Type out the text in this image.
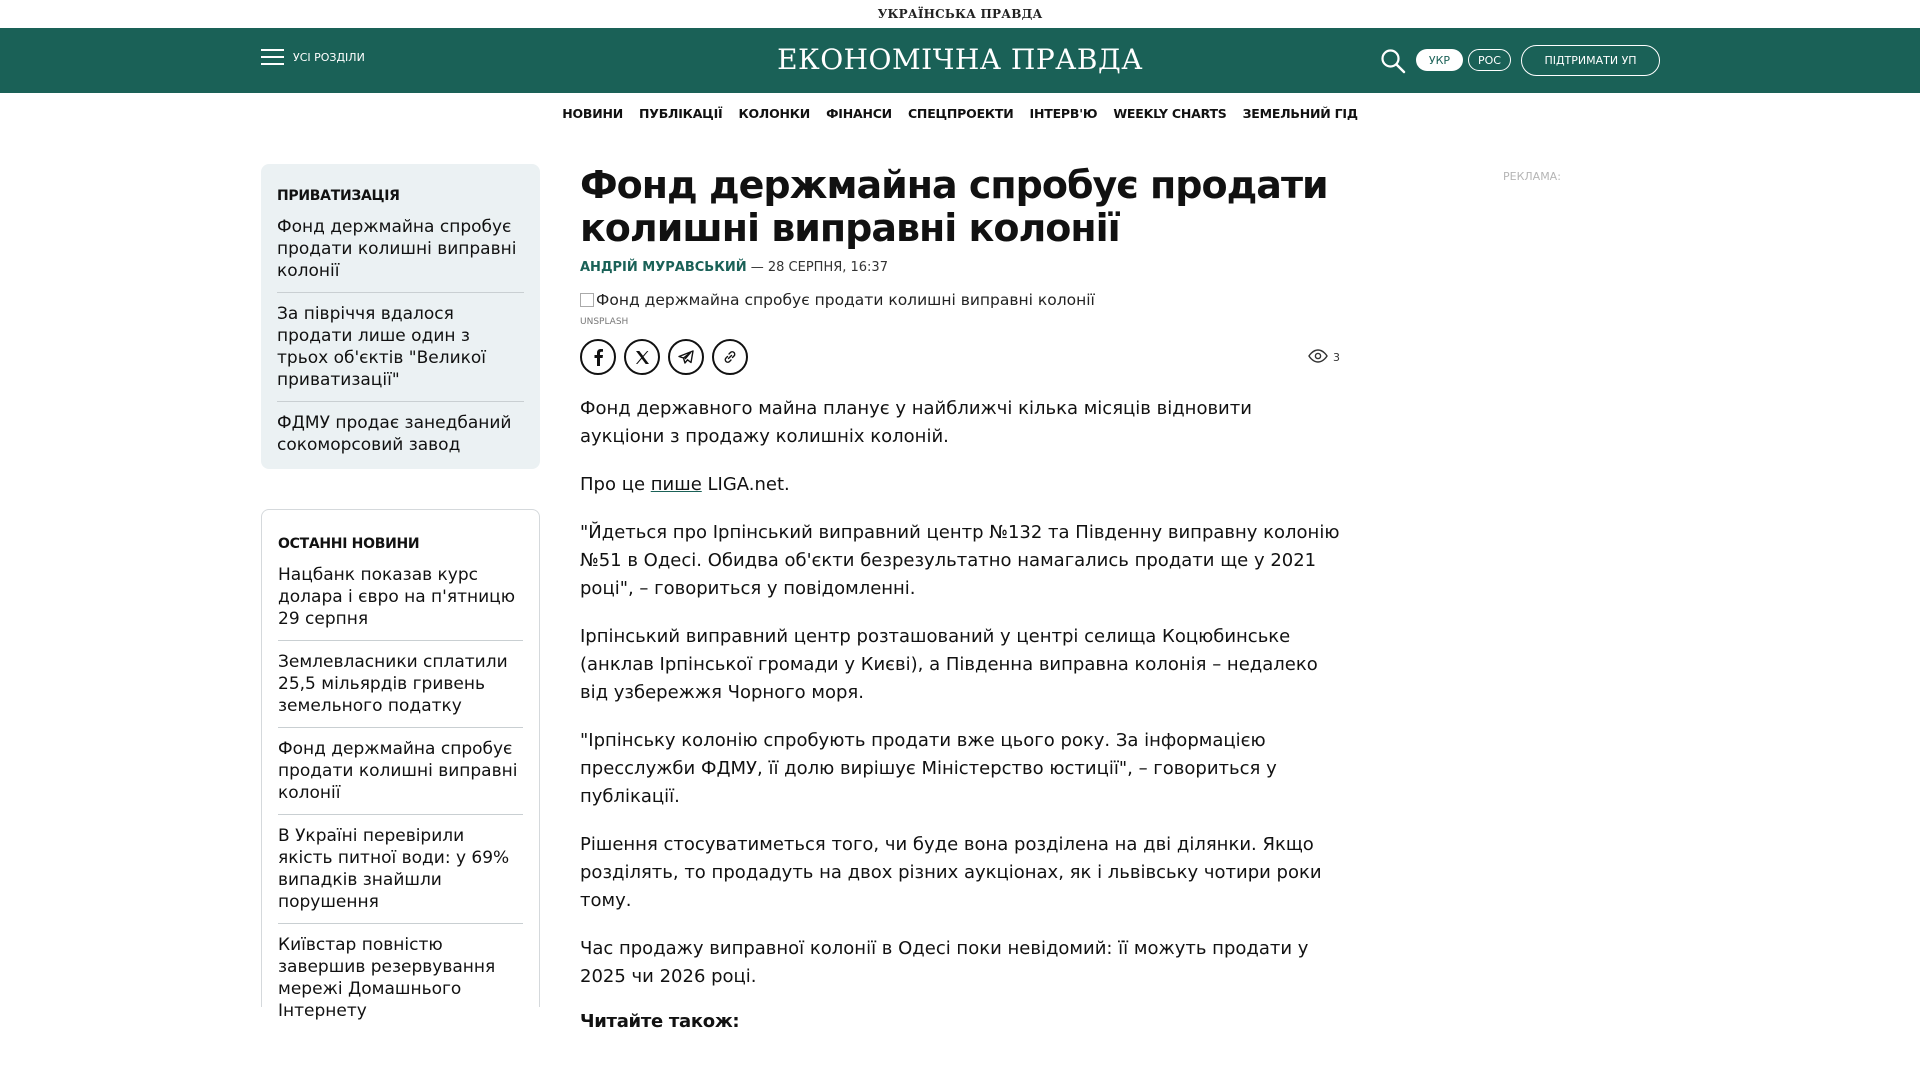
УКРАЇНСЬКА ПРАВДА
УСІ РОЗДІЛИ	ЕКОНОМІЧНА ПРАВДА	УКР	РОС	ПІДТРИМАТИ УП
НОВИНИ ПУБЛІКАЦІЇ КОЛОНКИ ФІНАНСИ СПЕЦПРОЕКТИ ІНТЕРВ'Ю WEEKLY CHARTS ЗЕМЕЛЬНИЙ ГІД
ПРИВАТИЗАЦІЯ
Фонд держмайна спробує продати колишні виправні колонії
За півріччя вдалося продати лише один з трьох об'єктів "Великої приватизації"
ФДМУ продає занедбаний сокоморсовий завод
ОСТАННІ НОВИНИ
Нацбанк показав курс долара і євро на п'ятницю 29 серпня
Землевласники сплатили 25,5 мільярдів гривень земельного податку
Фонд держмайна спробує продати колишні виправні колонії
В Україні перевірили якість питної води: у 69% випадків знайшли порушення
Київстар повністю завершив резервування мережі Домашнього Інтернету
Фонд держмайна спробує продати колишні виправні колонії
АНДРІЙ МУРАВСЬКИЙ — 28 СЕРПНЯ, 16:37
Фонд держмайна спробує продати колишні виправні колонії
UNSPLASH
3

Фонд державного майна планує у найближчі кілька місяців відновити аукціони з продажу колишніх колоній.

Про це пише LIGA.net.

"Йдеться про Ірпінський виправний центр №132 та Південну виправну колонію №51 в Одесі. Обидва об'єкти безрезультатно намагались продати ще у 2021 році", – говориться у повідомленні.

Ірпінський виправний центр розташований у центрі селища Коцюбинське (анклав Ірпінської громади у Києві), а Південна виправна колонія – недалеко від узбережжя Чорного моря.

"Ірпінську колонію спробують продати вже цього року. За інформацією пресслужби ФДМУ, її долю вирішує Міністерство юстиції", – говориться у публікації.

Рішення стосуватиметься того, чи буде вона розділена на дві ділянки. Якщо розділять, то продадуть на двох різних аукціонах, як і львівську чотири роки тому.

Час продажу виправної колонії в Одесі поки невідомий: її можуть продати у 2025 чи 2026 році.

Читайте також:
РЕКЛАМА:
